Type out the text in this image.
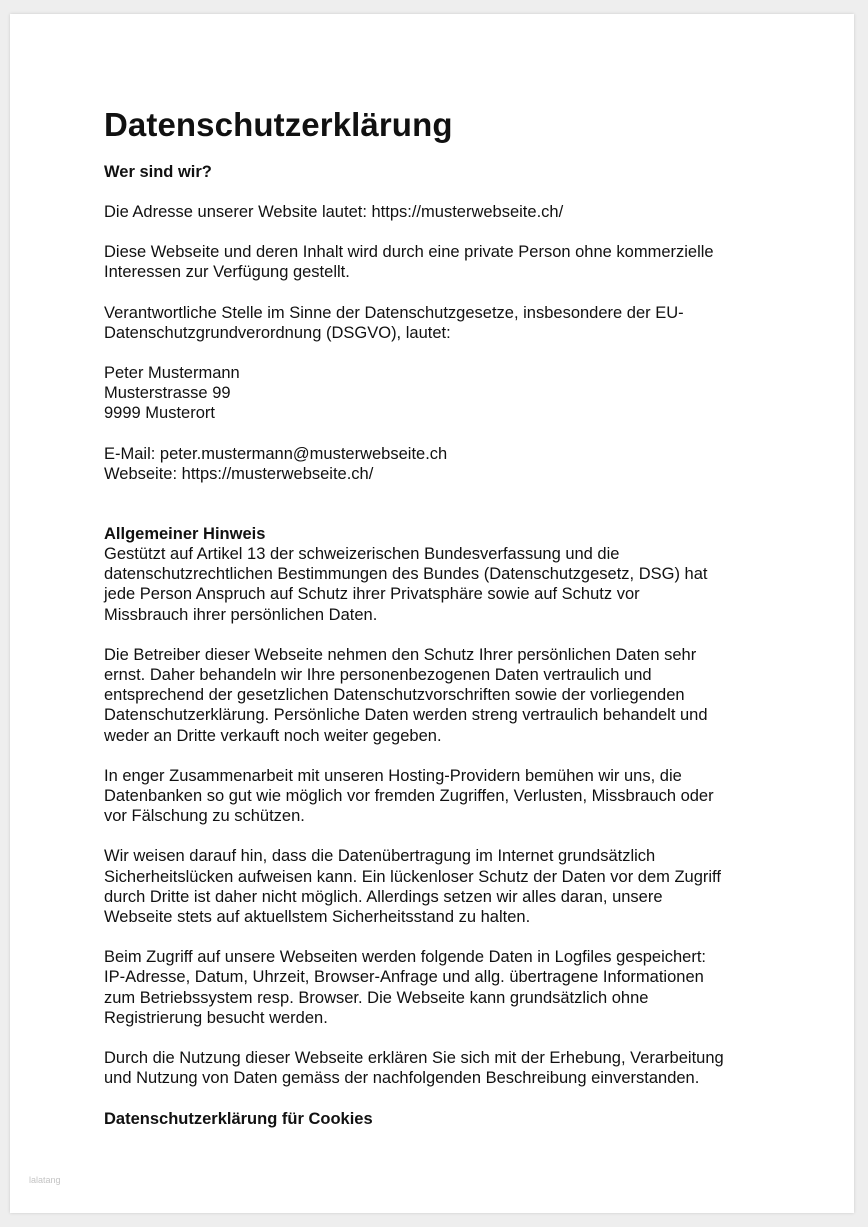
Datenschutzerklärung
Wer sind wir?

Die Adresse unserer Website lautet: https://musterwebseite.ch/

Diese Webseite und deren Inhalt wird durch eine private Person ohne kommerzielle
Interessen zur Verfügung gestellt.

Verantwortliche Stelle im Sinne der Datenschutzgesetze, insbesondere der EU-
Datenschutzgrundverordnung (DSGVO), lautet:

Peter Mustermann
Musterstrasse 99
9999 Musterort

E-Mail: peter.mustermann@musterwebseite.ch
Webseite: https://musterwebseite.ch/

Allgemeiner Hinweis

Gestützt auf Artikel 13 der schweizerischen Bundesverfassung und die
datenschutzrechtlichen Bestimmungen des Bundes (Datenschutzgesetz, DSG) hat
jede Person Anspruch auf Schutz ihrer Privatsphäre sowie auf Schutz vor
Missbrauch ihrer persönlichen Daten.

Die Betreiber dieser Webseite nehmen den Schutz Ihrer persönlichen Daten sehr
ernst. Daher behandeln wir Ihre personenbezogenen Daten vertraulich und
entsprechend der gesetzlichen Datenschutzvorschriften sowie der vorliegenden
Datenschutzerklärung. Persönliche Daten werden streng vertraulich behandelt und
weder an Dritte verkauft noch weiter gegeben.

In enger Zusammenarbeit mit unseren Hosting-Providern bemühen wir uns, die
Datenbanken so gut wie möglich vor fremden Zugriffen, Verlusten, Missbrauch oder
vor Fälschung zu schützen.

Wir weisen darauf hin, dass die Datenübertragung im Internet grundsätzlich
Sicherheitslücken aufweisen kann. Ein lückenloser Schutz der Daten vor dem Zugriff
durch Dritte ist daher nicht möglich. Allerdings setzen wir alles daran, unsere
Webseite stets auf aktuellstem Sicherheitsstand zu halten.

Beim Zugriff auf unsere Webseiten werden folgende Daten in Logfiles gespeichert:
IP-Adresse, Datum, Uhrzeit, Browser-Anfrage und allg. übertragene Informationen
zum Betriebssystem resp. Browser. Die Webseite kann grundsätzlich ohne
Registrierung besucht werden.

Durch die Nutzung dieser Webseite erklären Sie sich mit der Erhebung, Verarbeitung
und Nutzung von Daten gemäss der nachfolgenden Beschreibung einverstanden.

Datenschutzerklärung für Cookies
lalatang
